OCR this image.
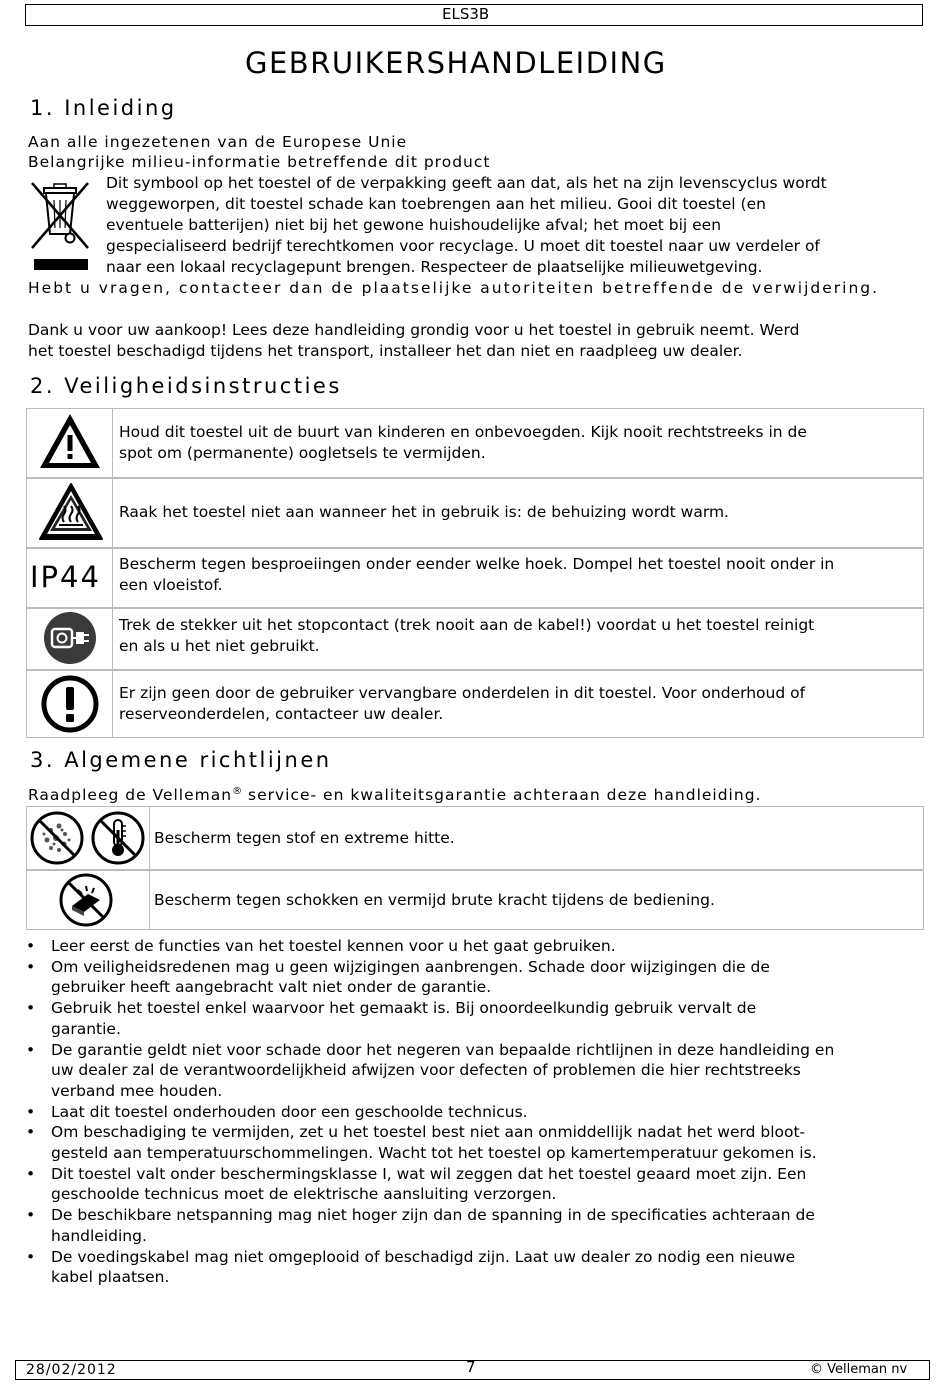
ELS3B
GEBRUIKERSHANDLEIDING
1. Inleiding
Aan alle ingezetenen van de Europese Unie
Belangrijke milieu-informatie betreffende dit product
Dit symbool op het toestel of de verpakking geeft aan dat, als het na zijn levenscyclus wordt
weggeworpen, dit toestel schade kan toebrengen aan het milieu. Gooi dit toestel (en
eventuele batterijen) niet bij het gewone huishoudelijke afval; het moet bij een
gespecialiseerd bedrijf terechtkomen voor recyclage. U moet dit toestel naar uw verdeler of
naar een lokaal recyclagepunt brengen. Respecteer de plaatselijke milieuwetgeving.
Hebt u vragen, contacteer dan de plaatselijke autoriteiten betreffende de verwijdering.
Dank u voor uw aankoop! Lees deze handleiding grondig voor u het toestel in gebruik neemt. Werd
het toestel beschadigd tijdens het transport, installeer het dan niet en raadpleeg uw dealer.
2. Veiligheidsinstructies
Houd dit toestel uit de buurt van kinderen en onbevoegden. Kijk nooit rechtstreeks in de
spot om (permanente) oogletsels te vermijden.
Raak het toestel niet aan wanneer het in gebruik is: de behuizing wordt warm.
IP44 Bescherm tegen besproeiingen onder eender welke hoek. Dompel het toestel nooit onder in
een vloeistof.
Trek de stekker uit het stopcontact (trek nooit aan de kabel!) voordat u het toestel reinigt
en als u het niet gebruikt.
Er zijn geen door de gebruiker vervangbare onderdelen in dit toestel. Voor onderhoud of
reserveonderdelen, contacteer uw dealer.
3. Algemene richtlijnen
Raadpleeg de Velleman® service- en kwaliteitsgarantie achteraan deze handleiding.
Bescherm tegen stof en extreme hitte.
Bescherm tegen schokken en vermijd brute kracht tijdens de bediening.
• Leer eerst de functies van het toestel kennen voor u het gaat gebruiken.
• Om veiligheidsredenen mag u geen wijzigingen aanbrengen. Schade door wijzigingen die de
gebruiker heeft aangebracht valt niet onder de garantie.
• Gebruik het toestel enkel waarvoor het gemaakt is. Bij onoordeelkundig gebruik vervalt de
garantie.
• De garantie geldt niet voor schade door het negeren van bepaalde richtlijnen in deze handleiding en
uw dealer zal de verantwoordelijkheid afwijzen voor defecten of problemen die hier rechtstreeks
verband mee houden.
• Laat dit toestel onderhouden door een geschoolde technicus.
• Om beschadiging te vermijden, zet u het toestel best niet aan onmiddellijk nadat het werd bloot-
gesteld aan temperatuurschommelingen. Wacht tot het toestel op kamertemperatuur gekomen is.
• Dit toestel valt onder beschermingsklasse I, wat wil zeggen dat het toestel geaard moet zijn. Een
geschoolde technicus moet de elektrische aansluiting verzorgen.
• De beschikbare netspanning mag niet hoger zijn dan de spanning in de specificaties achteraan de
handleiding.
• De voedingskabel mag niet omgeplooid of beschadigd zijn. Laat uw dealer zo nodig een nieuwe
kabel plaatsen.
28/02/2012	7	© Velleman nv
